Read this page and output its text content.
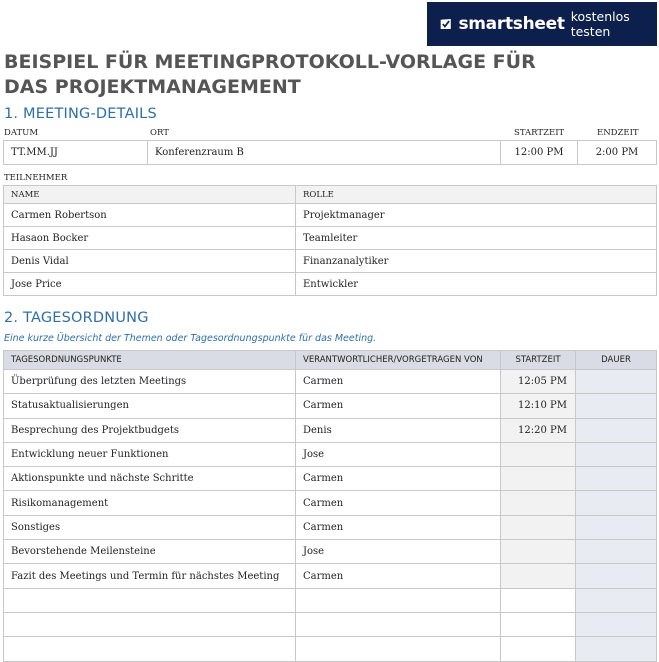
smartsheet kostenlos testen
BEISPIEL FÜR MEETINGPROTOKOLL-VORLAGE FÜR DAS PROJEKTMANAGEMENT
1. MEETING-DETAILS
DATUM	ORT	STARTZEIT	ENDZEIT
TT.MM.JJ	Konferenzraum B	12:00 PM	2:00 PM
TEILNEHMER
NAME	ROLLE
Carmen Robertson	Projektmanager
Hasaon Bocker	Teamleiter
Denis Vidal	Finanzanalytiker
Jose Price	Entwickler
2. TAGESORDNUNG
Eine kurze Übersicht der Themen oder Tagesordnungspunkte für das Meeting.
TAGESORDNUNGSPUNKTE	VERANTWORTLICHER/VORGETRAGEN VON	STARTZEIT	DAUER
Überprüfung des letzten Meetings	Carmen	12:05 PM	
Statusaktualisierungen	Carmen	12:10 PM	
Besprechung des Projektbudgets	Denis	12:20 PM	
Entwicklung neuer Funktionen	Jose		
Aktionspunkte und nächste Schritte	Carmen		
Risikomanagement	Carmen		
Sonstiges	Carmen		
Bevorstehende Meilensteine	Jose		
Fazit des Meetings und Termin für nächstes Meeting	Carmen		
